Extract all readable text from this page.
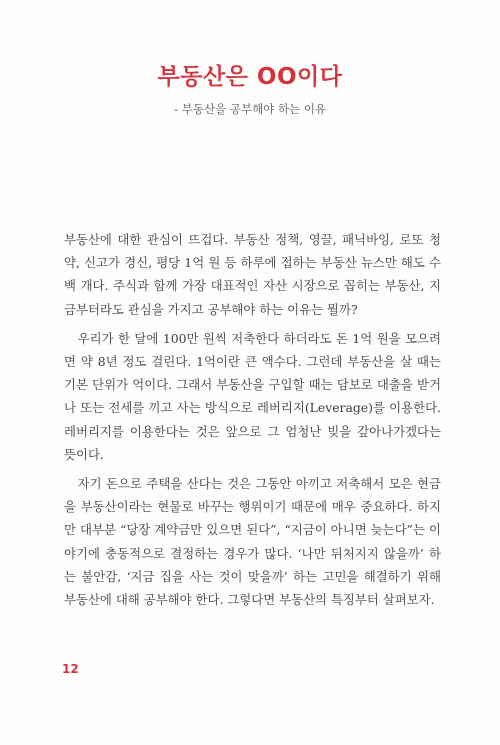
부동산은 OO이다

- 부동산을 공부해야 하는 이유

부동산에 대한 관심이 뜨겁다. 부동산 정책, 영끌, 패닉바잉, 로또 청약, 신고가 경신, 평당 1억 원 등 하루에 접하는 부동산 뉴스만 해도 수백 개다. 주식과 함께 가장 대표적인 자산 시장으로 꼽히는 부동산, 지금부터라도 관심을 가지고 공부해야 하는 이유는 뭘까?

우리가 한 달에 100만 원씩 저축한다 하더라도 돈 1억 원을 모으려면 약 8년 정도 걸린다. 1억이란 큰 액수다. 그런데 부동산을 살 때는 기본 단위가 억이다. 그래서 부동산을 구입할 때는 담보로 대출을 받거나 또는 전세를 끼고 사는 방식으로 레버리지(Leverage)를 이용한다. 레버리지를 이용한다는 것은 앞으로 그 엄청난 빚을 갚아나가겠다는 뜻이다.

자기 돈으로 주택을 산다는 것은 그동안 아끼고 저축해서 모은 현금을 부동산이라는 현물로 바꾸는 행위이기 때문에 매우 중요하다. 하지만 대부분 “당장 계약금만 있으면 된다”, “지금이 아니면 늦는다”는 이야기에 충동적으로 결정하는 경우가 많다. ‘나만 뒤처지지 않을까’ 하는 불안감, ‘지금 집을 사는 것이 맞을까’ 하는 고민을 해결하기 위해 부동산에 대해 공부해야 한다. 그렇다면 부동산의 특징부터 살펴보자.

12
